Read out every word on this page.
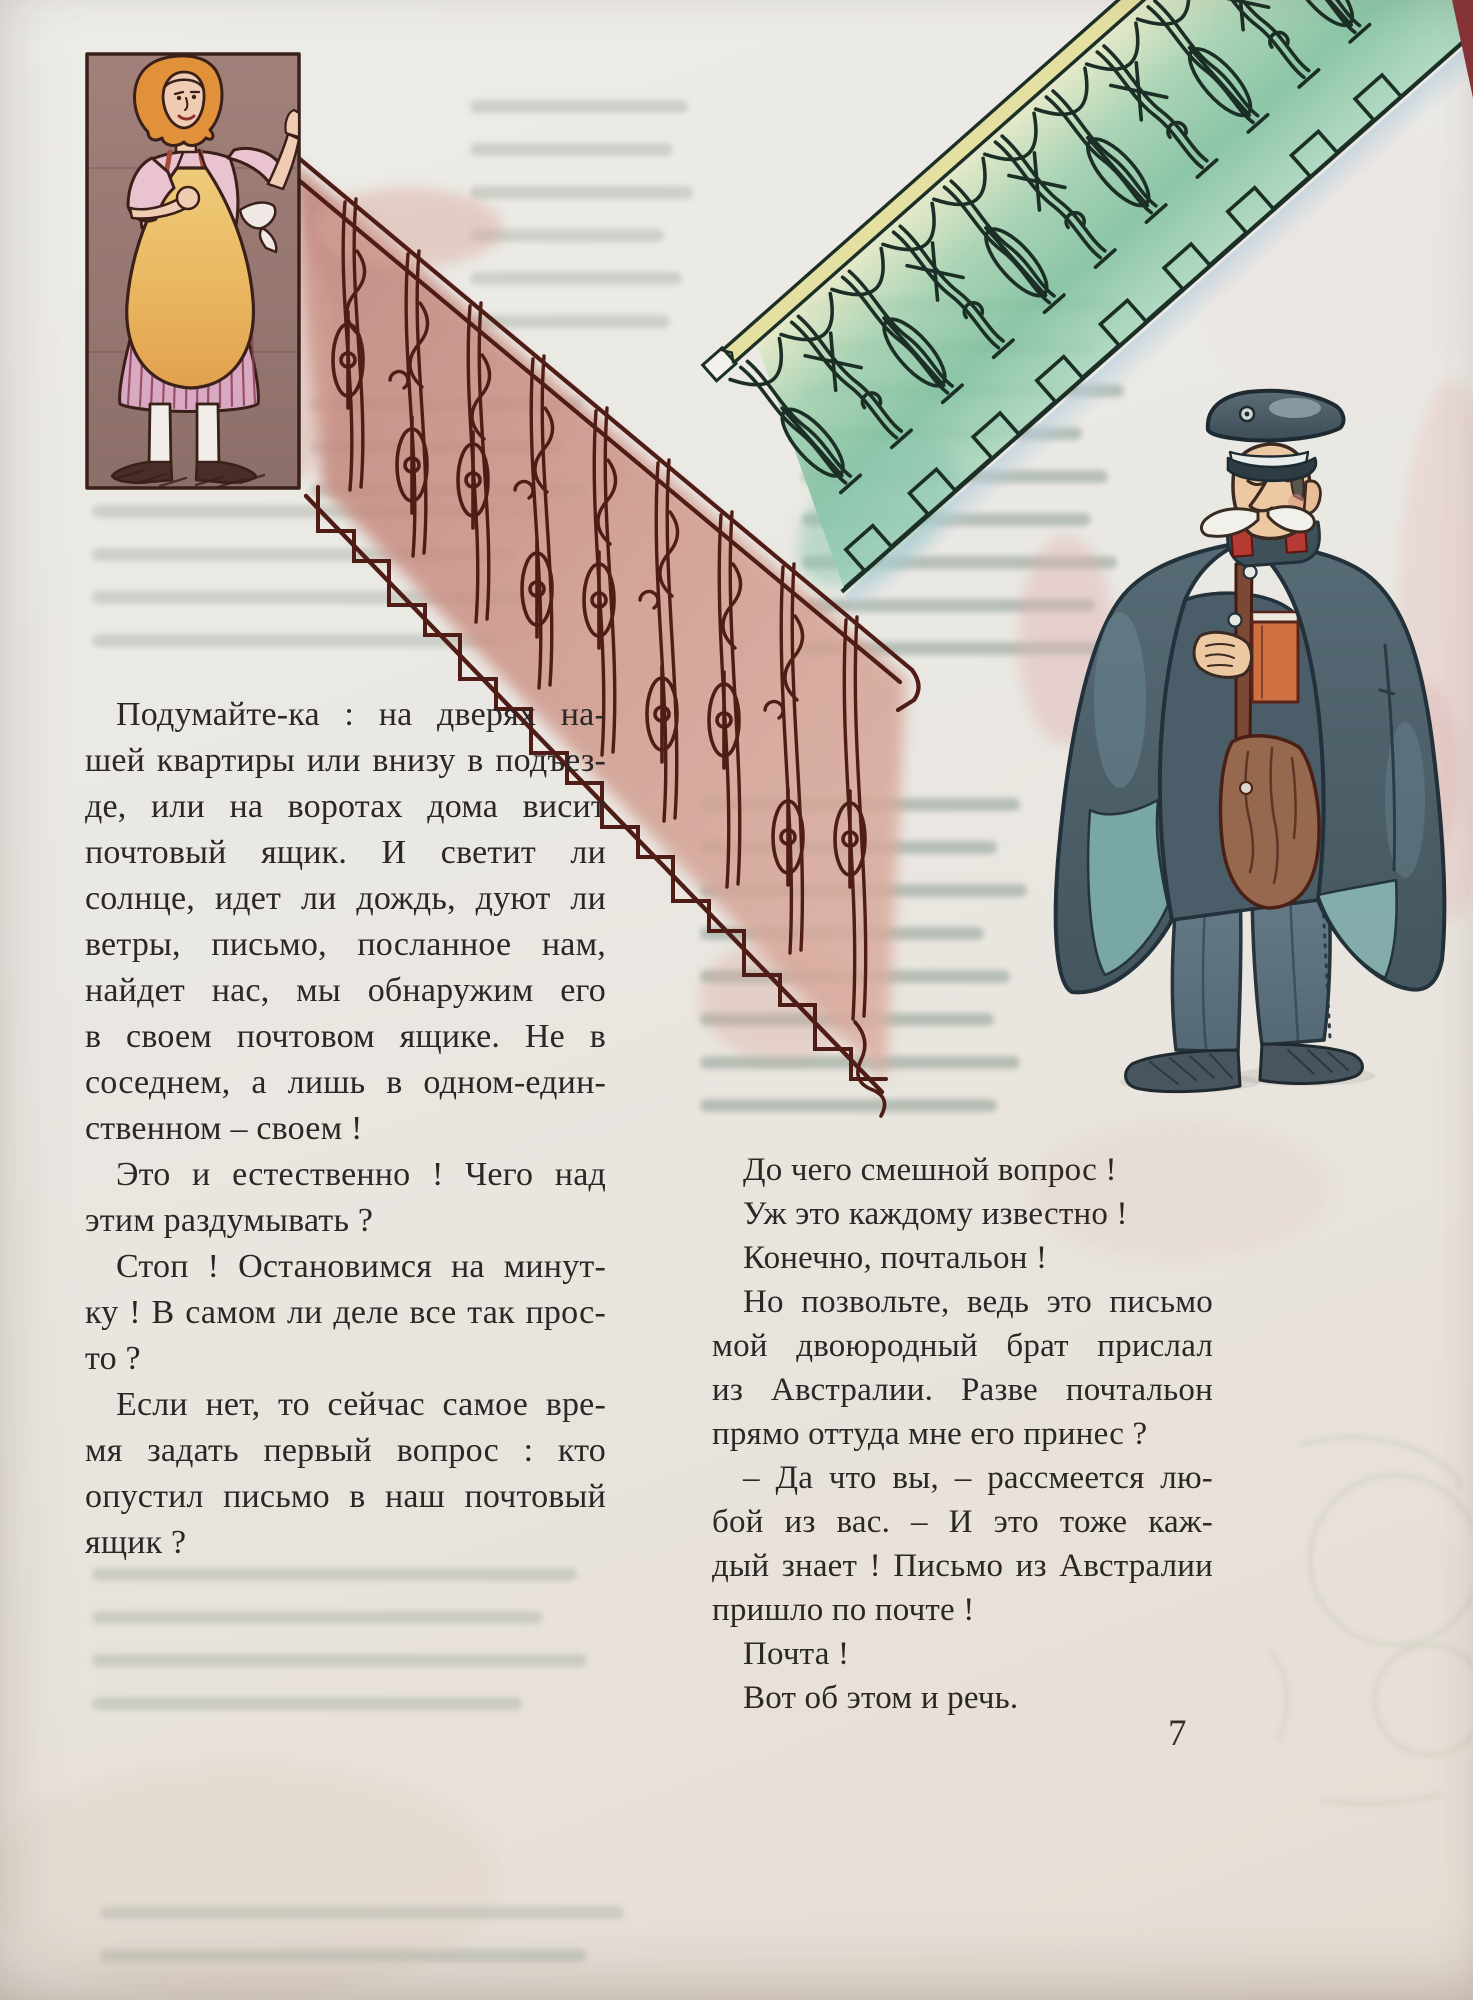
Подумайте-ка : на дверях на-
шей квартиры или внизу в подъез-
де, или на воротах дома висит
почтовый ящик. И светит ли
солнце, идет ли дождь, дуют ли
ветры, письмо, посланное нам,
найдет нас, мы обнаружим его
в своем почтовом ящике. Не в
соседнем, а лишь в одном-един-
ственном – своем !
Это и естественно ! Чего над
этим раздумывать ?
Стоп ! Остановимся на минут-
ку ! В самом ли деле все так прос-
то ?
Если нет, то сейчас самое вре-
мя задать первый вопрос : кто
опустил письмо в наш почтовый
ящик ?
До чего смешной вопрос !
Уж это каждому известно !
Конечно, почтальон !
Но позвольте, ведь это письмо
мой двоюродный брат прислал
из Австралии. Разве почтальон
прямо оттуда мне его принес ?
– Да что вы, – рассмеется лю-
бой из вас. – И это тоже каж-
дый знает ! Письмо из Австралии
пришло по почте !
Почта !
Вот об этом и речь.
7
